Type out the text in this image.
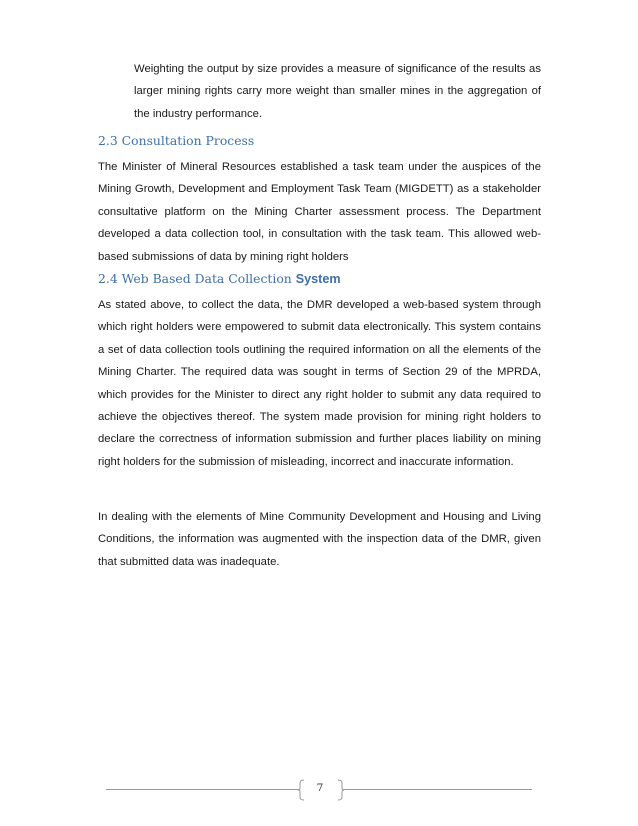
Weighting the output by size provides a measure of significance of the results as larger mining rights carry more weight than smaller mines in the aggregation of the industry performance.

2.3 Consultation Process

The Minister of Mineral Resources established a task team under the auspices of the Mining Growth, Development and Employment Task Team (MIGDETT) as a stakeholder consultative platform on the Mining Charter assessment process. The Department developed a data collection tool, in consultation with the task team. This allowed web-based submissions of data by mining right holders

2.4 Web Based Data Collection System

As stated above, to collect the data, the DMR developed a web-based system through which right holders were empowered to submit data electronically. This system contains a set of data collection tools outlining the required information on all the elements of the Mining Charter. The required data was sought in terms of Section 29 of the MPRDA, which provides for the Minister to direct any right holder to submit any data required to achieve the objectives thereof. The system made provision for mining right holders to declare the correctness of information submission and further places liability on mining right holders for the submission of misleading, incorrect and inaccurate information.

In dealing with the elements of Mine Community Development and Housing and Living Conditions, the information was augmented with the inspection data of the DMR, given that submitted data was inadequate.

7
